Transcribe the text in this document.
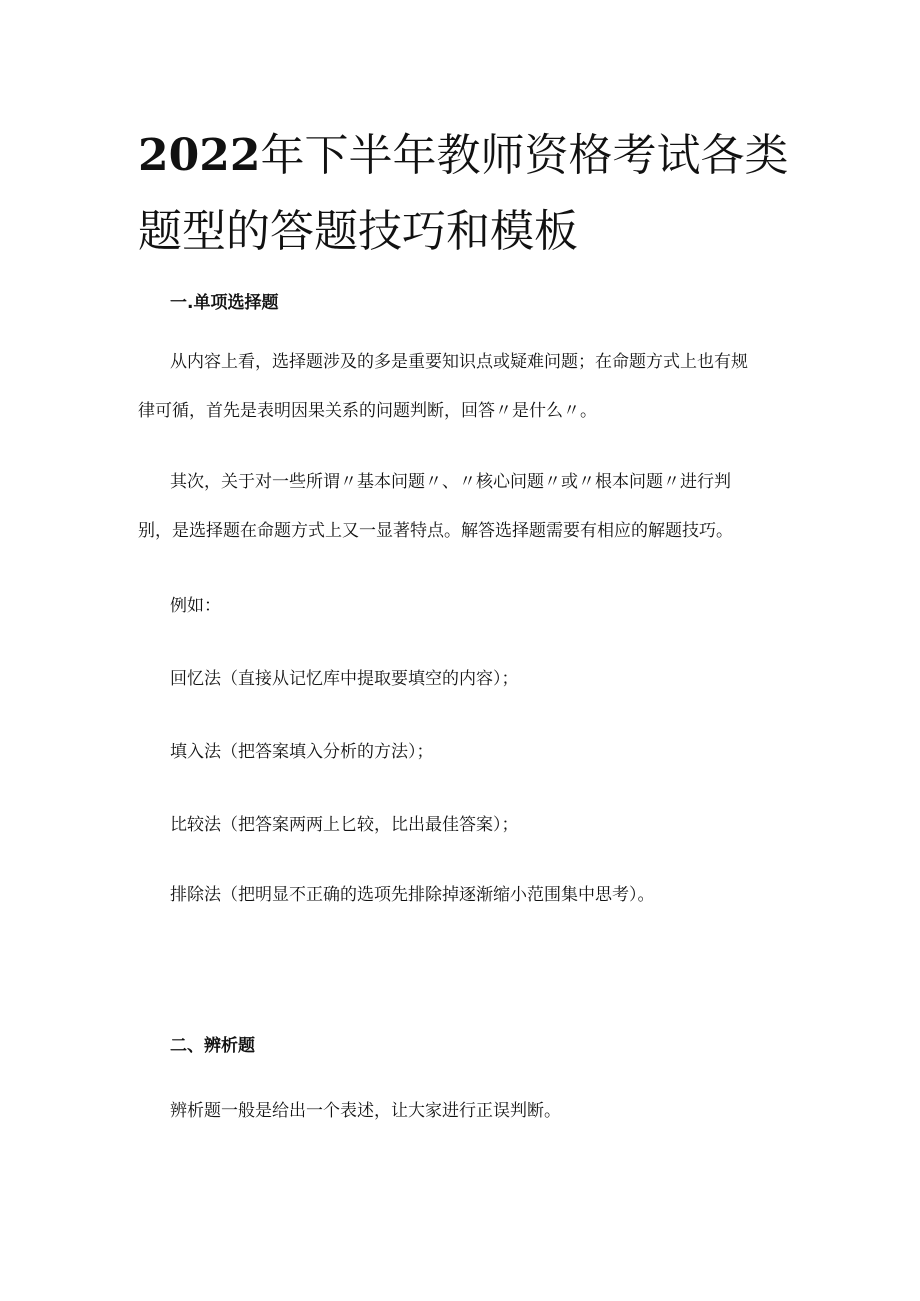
2022年下半年教师资格考试各类
题型的答题技巧和模板
一.单项选择题

从内容上看，选择题涉及的多是重要知识点或疑难问题；在命题方式上也有规

律可循，首先是表明因果关系的问题判断，回答〃是什么〃。

其次，关于对一些所谓〃基本问题〃、〃核心问题〃或〃根本问题〃进行判

别，是选择题在命题方式上又一显著特点。解答选择题需要有相应的解题技巧。

例如：

回忆法（直接从记忆库中提取要填空的内容）；

填入法（把答案填入分析的方法）；

比较法（把答案两两上匕较，比出最佳答案）；

排除法（把明显不正确的选项先排除掉逐渐缩小范围集中思考）。

二、辨析题

辨析题一般是给出一个表述，让大家进行正误判断。
